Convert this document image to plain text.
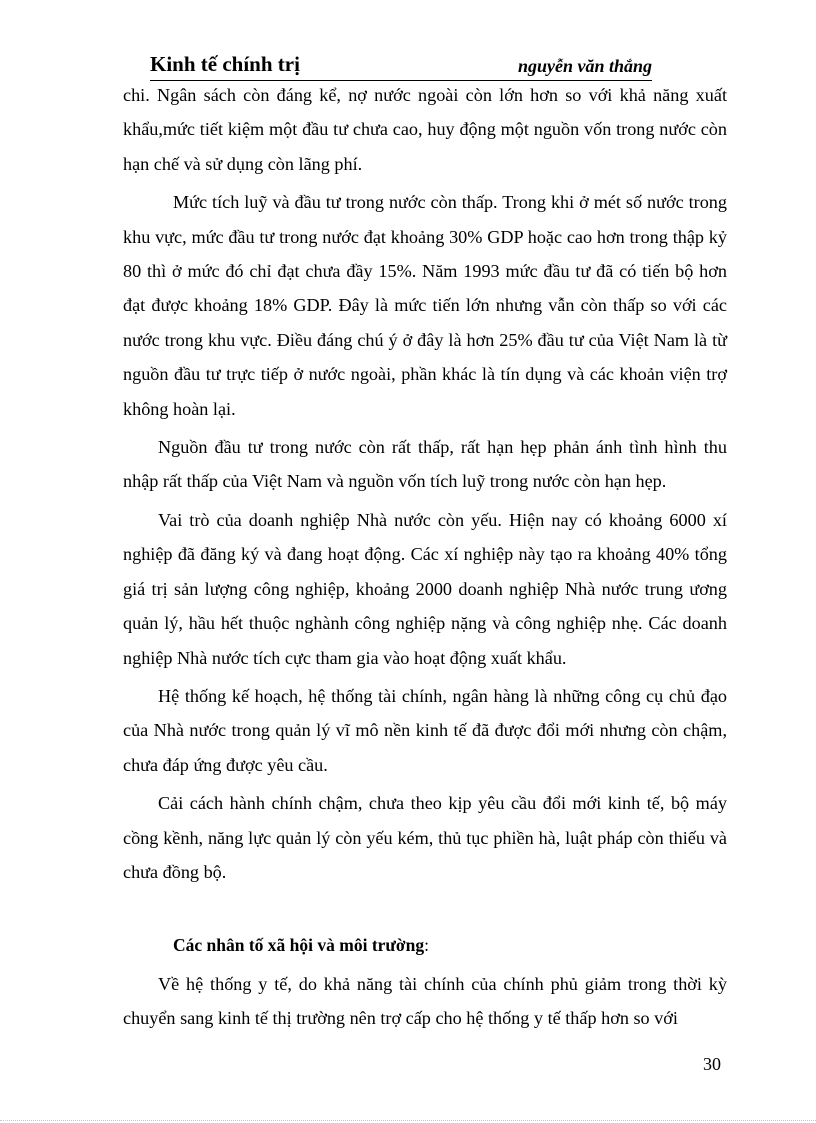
Kinh tế chính trị	nguyễn văn thắng

chi. Ngân sách còn đáng kể, nợ nước ngoài còn lớn hơn so với khả năng xuất khẩu,mức tiết kiệm một đầu tư chưa cao, huy động một nguồn vốn trong nước còn hạn chế và sử dụng còn lãng phí.

Mức tích luỹ và đầu tư trong nước còn thấp. Trong khi ở mét số nước trong khu vực, mức đầu tư trong nước đạt khoảng 30% GDP hoặc cao hơn trong thập kỷ 80 thì ở mức đó chỉ đạt chưa đầy 15%. Năm 1993 mức đầu tư đã có tiến bộ hơn đạt được khoảng 18% GDP. Đây là mức tiến lớn nhưng vẫn còn thấp so với các nước trong khu vực. Điều đáng chú ý ở đây là hơn 25% đầu tư của Việt Nam là từ nguồn đầu tư trực tiếp ở nước ngoài, phần khác là tín dụng và các khoản viện trợ không hoàn lại.

Nguồn đầu tư trong nước còn rất thấp, rất hạn hẹp phản ánh tình hình thu nhập rất thấp của Việt Nam và nguồn vốn tích luỹ trong nước còn hạn hẹp.

Vai trò của doanh nghiệp Nhà nước còn yếu. Hiện nay có khoảng 6000 xí nghiệp đã đăng ký và đang hoạt động. Các xí nghiệp này tạo ra khoảng 40% tổng giá trị sản lượng công nghiệp, khoảng 2000 doanh nghiệp Nhà nước trung ương quản lý, hầu hết thuộc nghành công nghiệp nặng và công nghiệp nhẹ. Các doanh nghiệp Nhà nước tích cực tham gia vào hoạt động xuất khẩu.

Hệ thống kế hoạch, hệ thống tài chính, ngân hàng là những công cụ chủ đạo của Nhà nước trong quản lý vĩ mô nền kinh tế đã được đổi mới nhưng còn chậm, chưa đáp ứng được yêu cầu.

Cải cách hành chính chậm, chưa theo kịp yêu cầu đổi mới kinh tế, bộ máy cồng kềnh, năng lực quản lý còn yếu kém, thủ tục phiền hà, luật pháp còn thiếu và chưa đồng bộ.

Các nhân tố xã hội và môi trường:

Về hệ thống y tế, do khả năng tài chính của chính phủ giảm trong thời kỳ chuyển sang kinh tế thị trường nên trợ cấp cho hệ thống y tế thấp hơn so với

30
